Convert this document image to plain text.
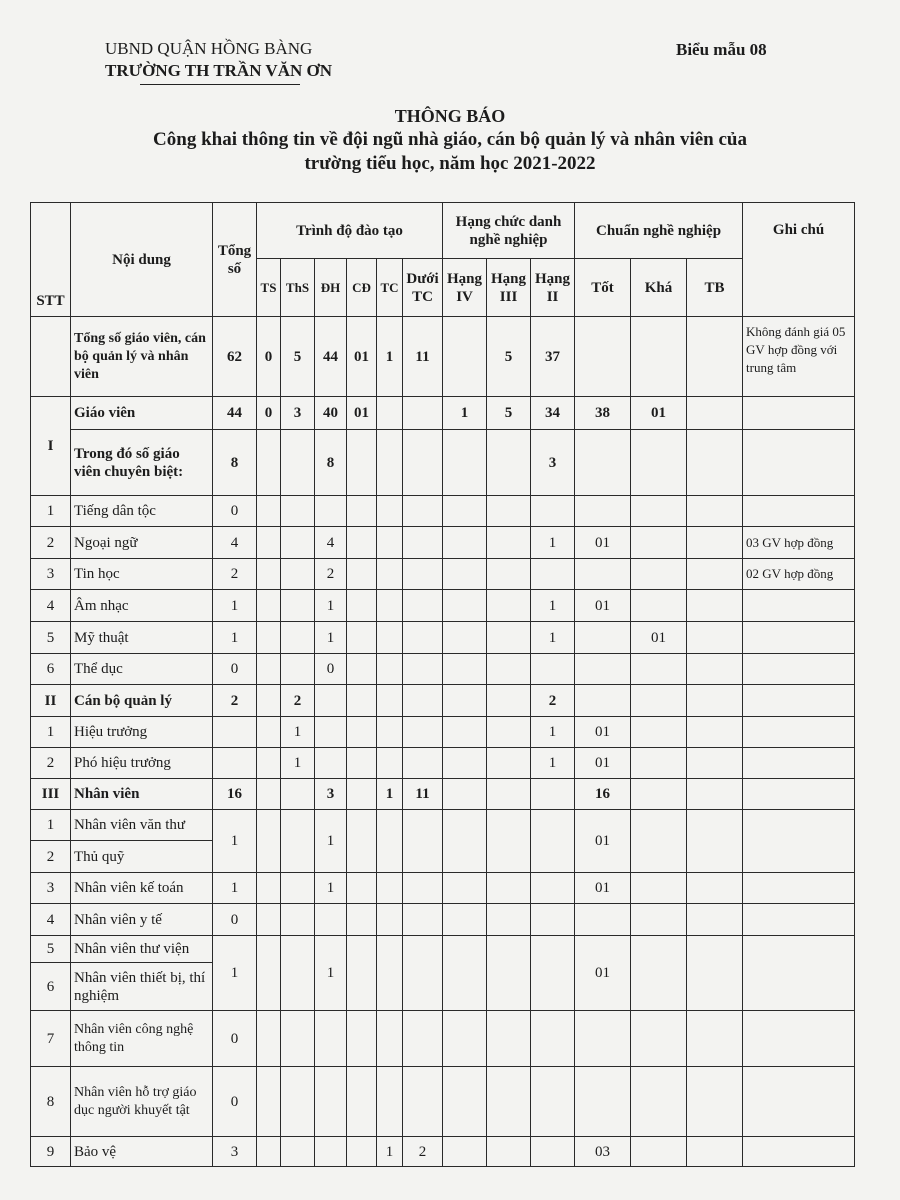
UBND QUẬN HỒNG BÀNG
TRƯỜNG TH TRẦN VĂN ƠN
Biểu mẫu 08
THÔNG BÁO
Công khai thông tin về đội ngũ nhà giáo, cán bộ quản lý và nhân viên của
trường tiểu học, năm học 2021-2022
STT	Nội dung	Tổng số	Trình độ đào tạo						Hạng chức danh nghề nghiệp			Chuẩn nghề nghiệp			Ghi chú
			TS	ThS	ĐH	CĐ	TC	Dưới TC	Hạng IV	Hạng III	Hạng II	Tốt	Khá	TB	
	Tổng số giáo viên, cán bộ quản lý và nhân viên	62	0	5	44	01	1	11		5	37				Không đánh giá 05 GV hợp đồng với trung tâm
I	Giáo viên	44	0	3	40	01			1	5	34	38	01		
	Trong đó số giáo viên chuyên biệt:	8			8						3				
1	Tiếng dân tộc	0													
2	Ngoại ngữ	4			4						1	01			03 GV hợp đồng
3	Tin học	2			2										02 GV hợp đồng
4	Âm nhạc	1			1						1	01			
5	Mỹ thuật	1			1						1		01		
6	Thể dục	0			0										
II	Cán bộ quản lý	2		2							2				
1	Hiệu trưởng			1							1	01			
2	Phó hiệu trưởng			1							1	01			
III	Nhân viên	16			3		1	11				16			
1	Nhân viên văn thư	1			1							01			
2	Thủ quỹ														
3	Nhân viên kế toán	1			1							01			
4	Nhân viên y tế	0													
5	Nhân viên thư viện	1			1							01			
6	Nhân viên thiết bị, thí nghiệm														
7	Nhân viên công nghệ thông tin	0													
8	Nhân viên hỗ trợ giáo dục người khuyết tật	0													
9	Bảo vệ	3					1	2				03			
